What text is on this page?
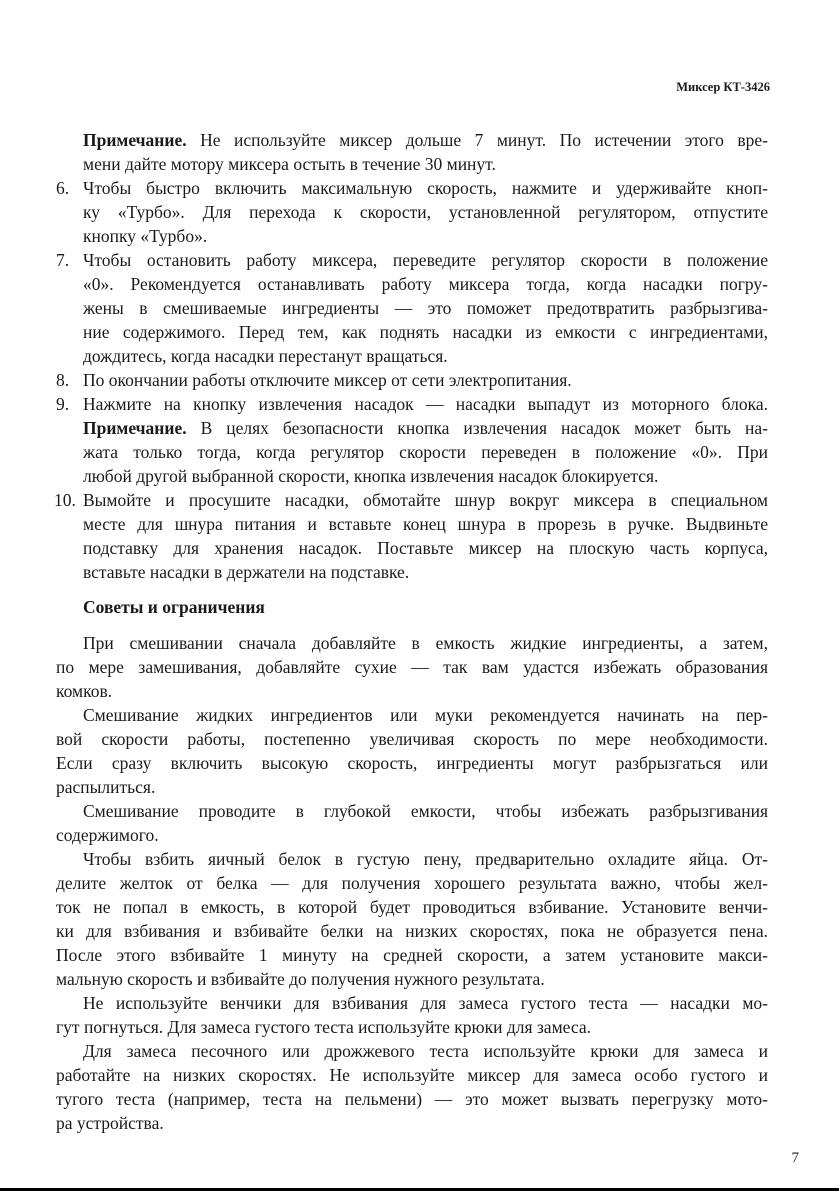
Миксер КТ-3426
Примечание. Не используйте миксер дольше 7 минут. По истечении этого вре-
мени дайте мотору миксера остыть в течение 30 минут.
6. Чтобы быстро включить максимальную скорость, нажмите и удерживайте кноп-
ку «Турбо». Для перехода к скорости, установленной регулятором, отпустите
кнопку «Турбо».
7. Чтобы остановить работу миксера, переведите регулятор скорости в положение
«0». Рекомендуется останавливать работу миксера тогда, когда насадки погру-
жены в смешиваемые ингредиенты — это поможет предотвратить разбрызгива-
ние содержимого. Перед тем, как поднять насадки из емкости с ингредиентами,
дождитесь, когда насадки перестанут вращаться.
8. По окончании работы отключите миксер от сети электропитания.
9. Нажмите на кнопку извлечения насадок — насадки выпадут из моторного блока.
Примечание. В целях безопасности кнопка извлечения насадок может быть на-
жата только тогда, когда регулятор скорости переведен в положение «0». При
любой другой выбранной скорости, кнопка извлечения насадок блокируется.
10. Вымойте и просушите насадки, обмотайте шнур вокруг миксера в специальном
месте для шнура питания и вставьте конец шнура в прорезь в ручке. Выдвиньте
подставку для хранения насадок. Поставьте миксер на плоскую часть корпуса,
вставьте насадки в держатели на подставке.
Советы и ограничения
При смешивании сначала добавляйте в емкость жидкие ингредиенты, а затем,
по мере замешивания, добавляйте сухие — так вам удастся избежать образования
комков.
Смешивание жидких ингредиентов или муки рекомендуется начинать на пер-
вой скорости работы, постепенно увеличивая скорость по мере необходимости.
Если сразу включить высокую скорость, ингредиенты могут разбрызгаться или
распылиться.
Смешивание проводите в глубокой емкости, чтобы избежать разбрызгивания
содержимого.
Чтобы взбить яичный белок в густую пену, предварительно охладите яйца. От-
делите желток от белка — для получения хорошего результата важно, чтобы жел-
ток не попал в емкость, в которой будет проводиться взбивание. Установите венчи-
ки для взбивания и взбивайте белки на низких скоростях, пока не образуется пена.
После этого взбивайте 1 минуту на средней скорости, а затем установите макси-
мальную скорость и взбивайте до получения нужного результата.
Не используйте венчики для взбивания для замеса густого теста — насадки мо-
гут погнуться. Для замеса густого теста используйте крюки для замеса.
Для замеса песочного или дрожжевого теста используйте крюки для замеса и
работайте на низких скоростях. Не используйте миксер для замеса особо густого и
тугого теста (например, теста на пельмени) — это может вызвать перегрузку мото-
ра устройства.
7
